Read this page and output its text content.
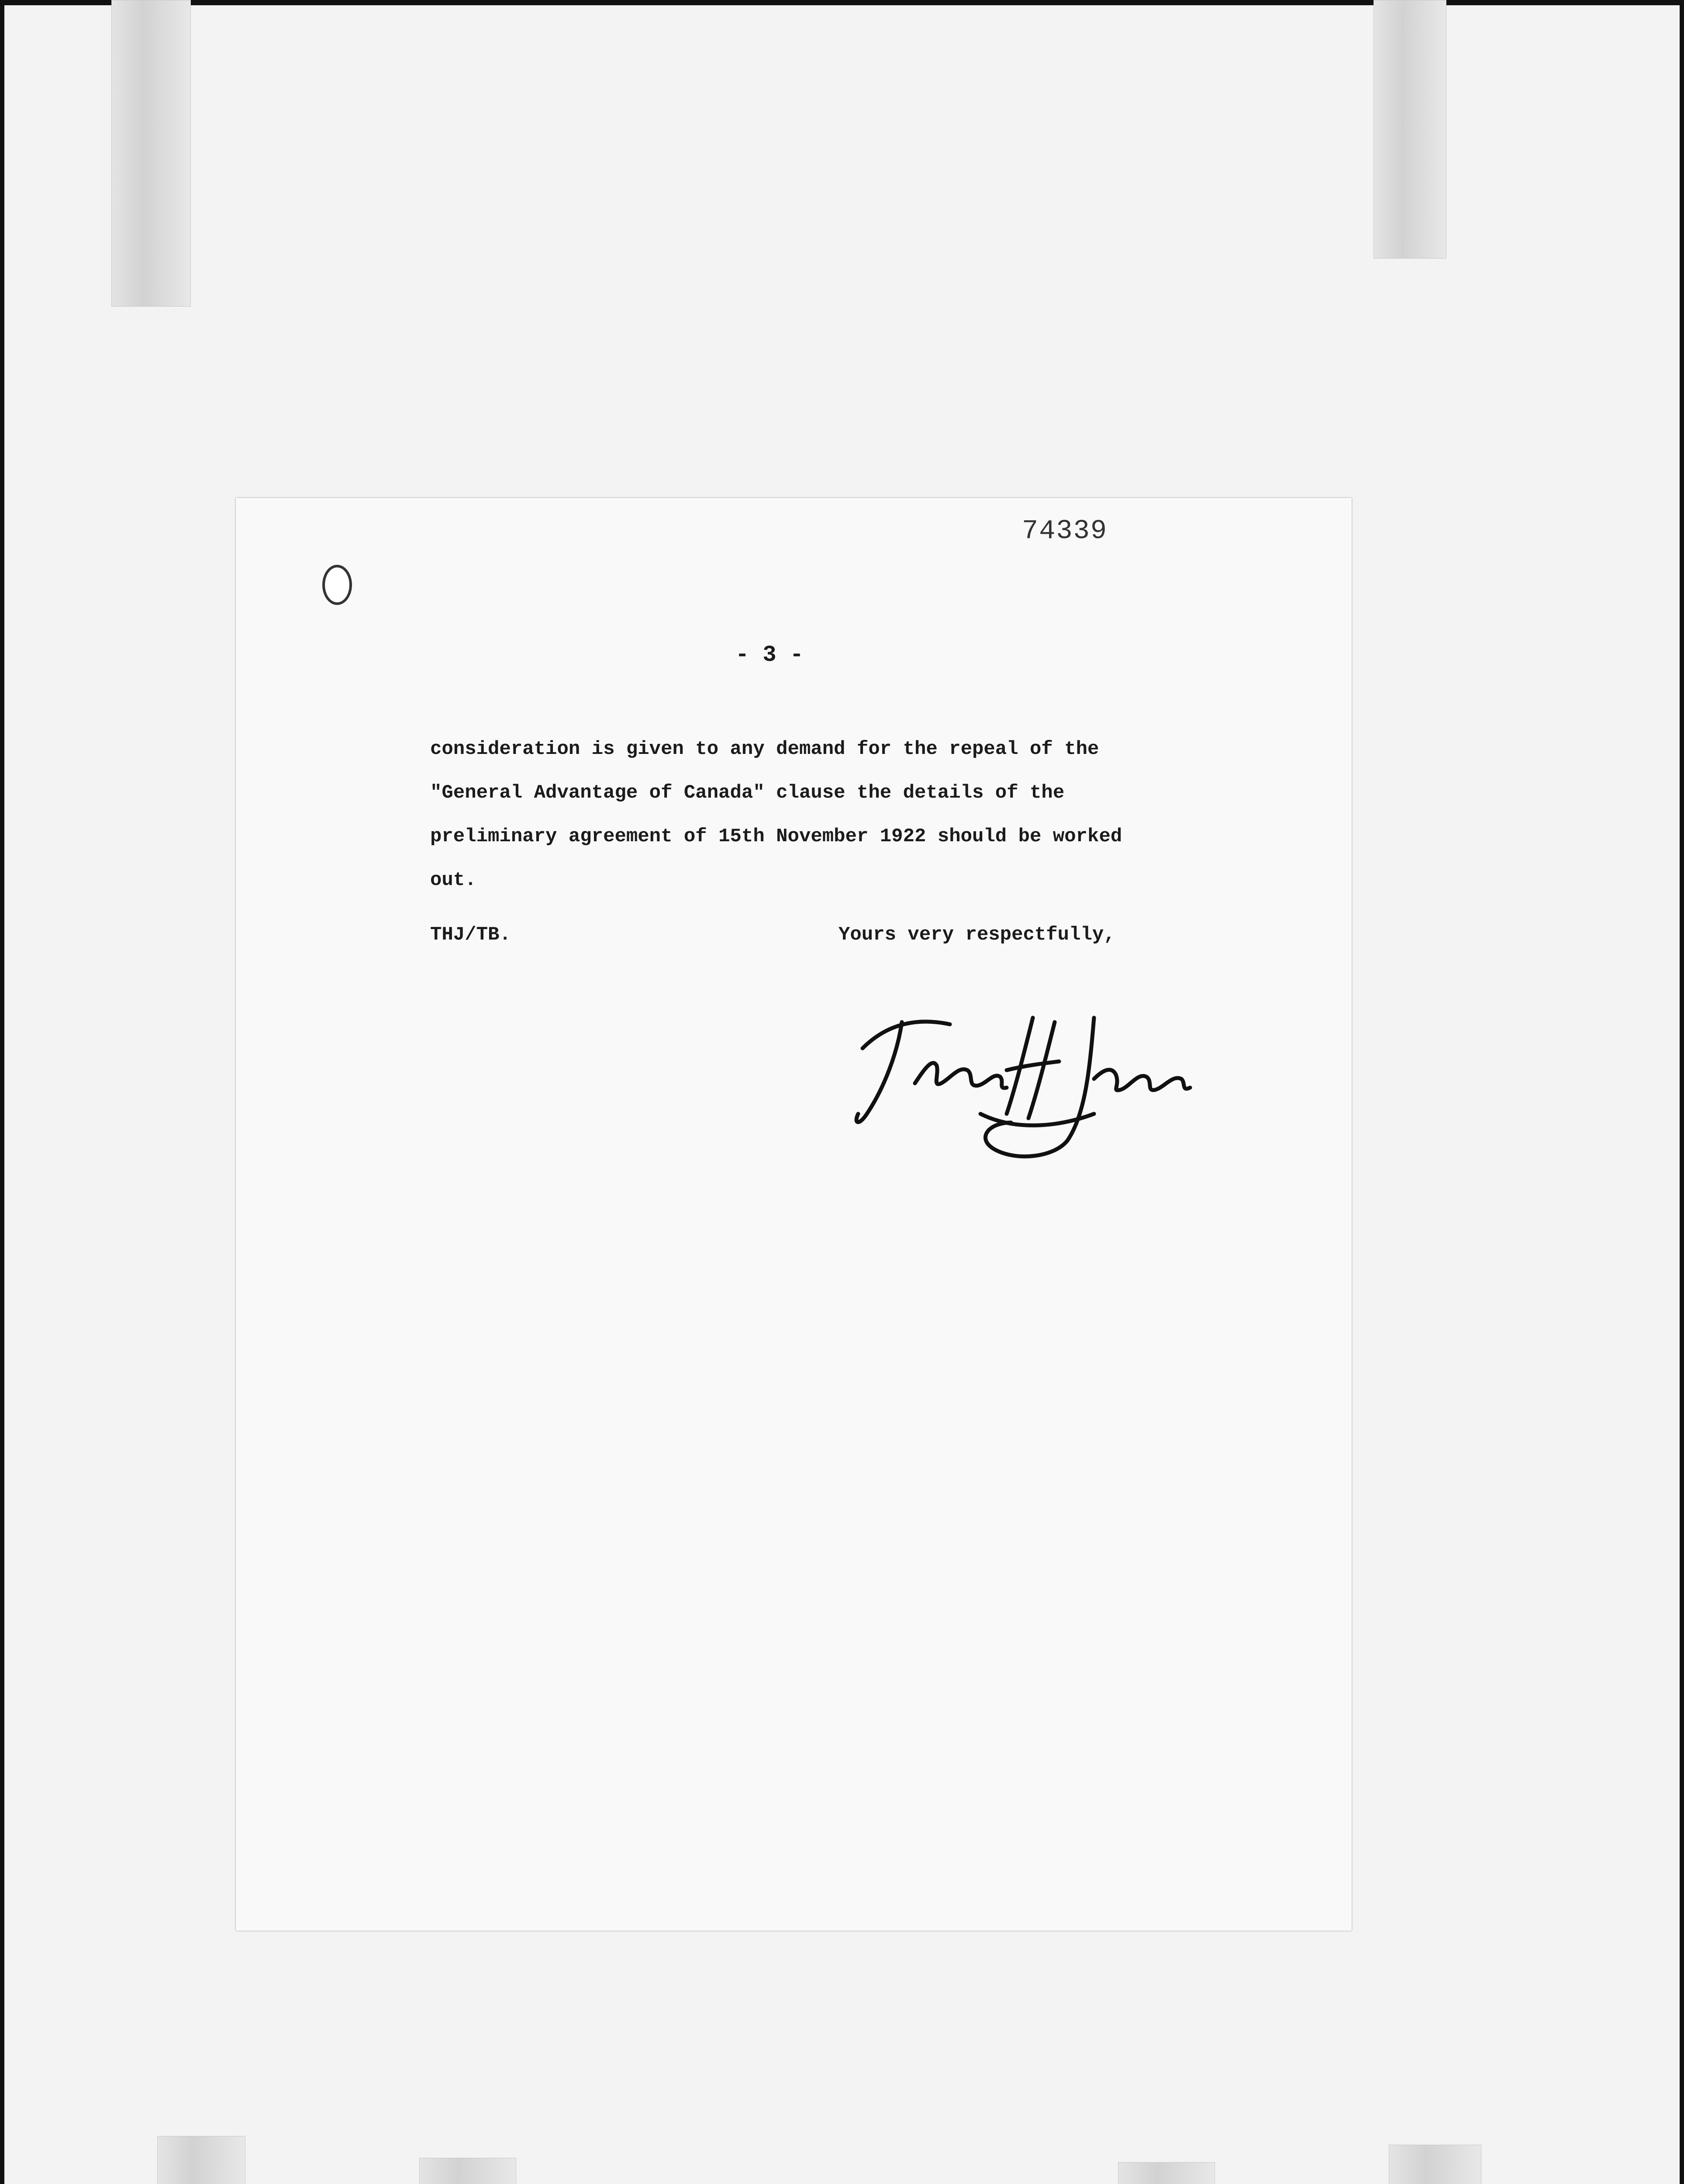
74339
- 3 -
consideration is given to any demand for the repeal of the
"General Advantage of Canada" clause the details of the
preliminary agreement of 15th November 1922 should be worked
out.
THJ/TB.	Yours very respectfully,
